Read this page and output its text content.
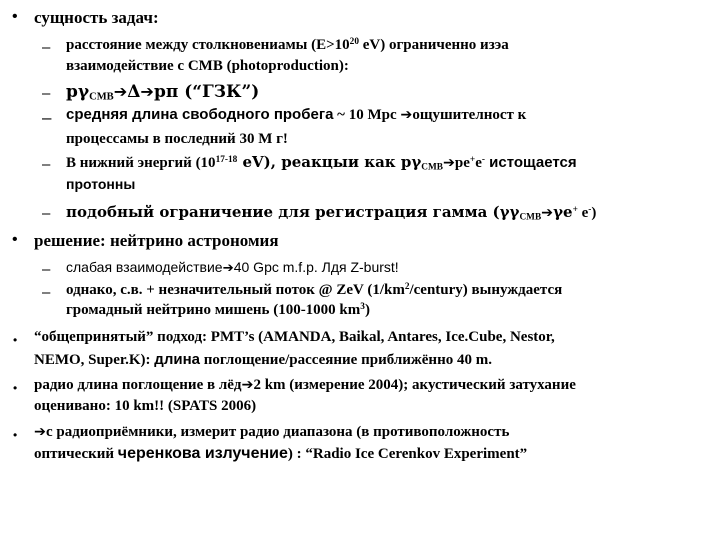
• сущность задач:
– расстояние между столкновениамы ($E>10^{20}$ eV) ограниченно изэа
взаимодействие с CMB (photoproduction):
– $p\gamma_{CMB}➔\Delta➔p\pi$ (“ГЗК”)
– средняя длина свободного пробега ~ 10 Mpc ➔ощушителност к
процессамы в последний 30 M г!
– В нижний энергий (10$^{17-18}$ eV), реакцыи как $p\gamma_{CMB}➔pe^+e^-$ истощается
протонны
– подобный ограничение для регистрация гамма ($\gamma\gamma_{CMB}➔\gamma e^+$ e-)
• решение: нейтрино астрономия
– слабая взаимодействие➔40 Gpc m.f.p. Лдя Z-burst!
– однако, с.в. + незначительный поток @ ZeV $(1/km^2/century)$ вынуждается
громадный нейтрино мишень (100-1000 $km^3$)
• “общепринятый” подход: PMT’s (AMANDA, Baikal, Antares, Ice.Cube, Nestor,
NEMO, Super.K): длина поглощение/рассеяние приближённо 40 m.
• радио длина поглощение в лёд➔2 km (измерение 2004); акустический затухание
оценивано: 10 km!! (SPATS 2006)
• ➔с радиоприёмники, измерит радио диапазона (в противоположность
оптический черенкова излучение) : “Radio Ice Cerenkov Experiment”
